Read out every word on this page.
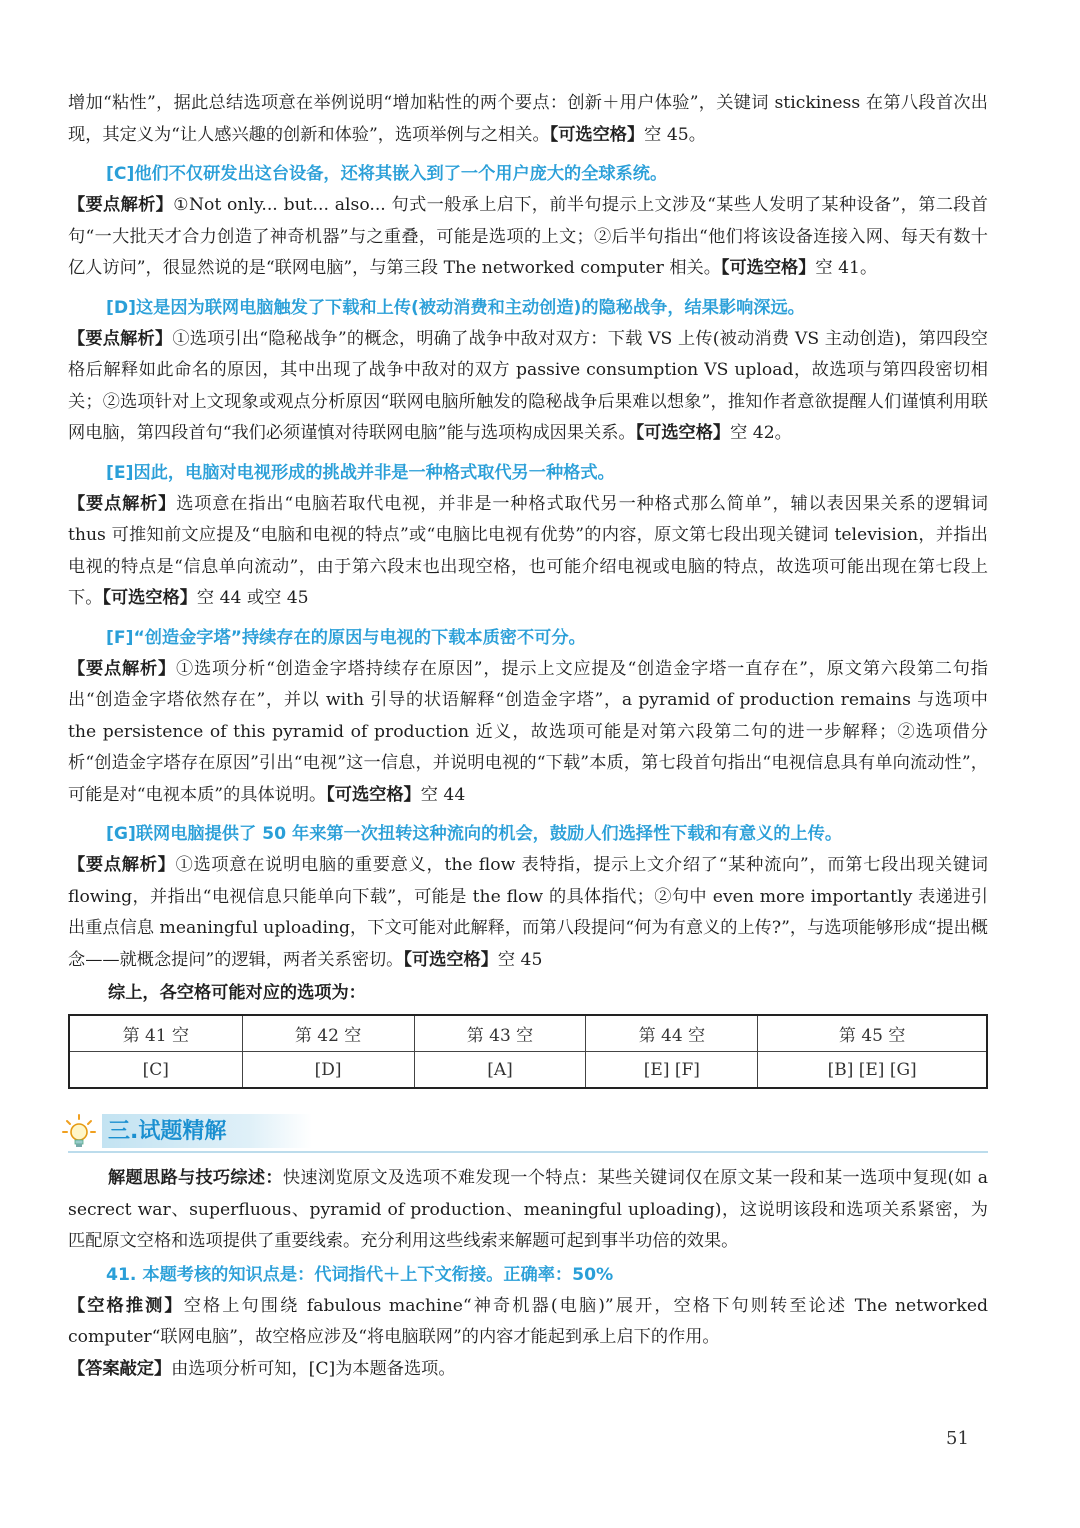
增加“粘性”，据此总结选项意在举例说明“增加粘性的两个要点：创新＋用户体验”，关键词 stickiness 在第八段首次出现，其定义为“让人感兴趣的创新和体验”，选项举例与之相关。【可选空格】空 45。

[C]他们不仅研发出这台设备，还将其嵌入到了一个用户庞大的全球系统。

【要点解析】①Not only... but... also... 句式一般承上启下，前半句提示上文涉及“某些人发明了某种设备”，第二段首句“一大批天才合力创造了神奇机器”与之重叠，可能是选项的上文；②后半句指出“他们将该设备连接入网、每天有数十亿人访问”，很显然说的是“联网电脑”，与第三段 The networked computer 相关。【可选空格】空 41。

[D]这是因为联网电脑触发了下载和上传(被动消费和主动创造)的隐秘战争，结果影响深远。

【要点解析】①选项引出“隐秘战争”的概念，明确了战争中敌对双方：下载 VS 上传(被动消费 VS 主动创造)，第四段空格后解释如此命名的原因，其中出现了战争中敌对的双方 passive consumption VS upload，故选项与第四段密切相关；②选项针对上文现象或观点分析原因“联网电脑所触发的隐秘战争后果难以想象”，推知作者意欲提醒人们谨慎利用联网电脑，第四段首句“我们必须谨慎对待联网电脑”能与选项构成因果关系。【可选空格】空 42。

[E]因此，电脑对电视形成的挑战并非是一种格式取代另一种格式。

【要点解析】选项意在指出“电脑若取代电视，并非是一种格式取代另一种格式那么简单”，辅以表因果关系的逻辑词 thus 可推知前文应提及“电脑和电视的特点”或“电脑比电视有优势”的内容，原文第七段出现关键词 television，并指出电视的特点是“信息单向流动”，由于第六段末也出现空格，也可能介绍电视或电脑的特点，故选项可能出现在第七段上下。【可选空格】空 44 或空 45

[F]“创造金字塔”持续存在的原因与电视的下载本质密不可分。

【要点解析】①选项分析“创造金字塔持续存在原因”，提示上文应提及“创造金字塔一直存在”，原文第六段第二句指出“创造金字塔依然存在”，并以 with 引导的状语解释“创造金字塔”，a pyramid of production remains 与选项中 the persistence of this pyramid of production 近义，故选项可能是对第六段第二句的进一步解释；②选项借分析“创造金字塔存在原因”引出“电视”这一信息，并说明电视的“下载”本质，第七段首句指出“电视信息具有单向流动性”，可能是对“电视本质”的具体说明。【可选空格】空 44

[G]联网电脑提供了 50 年来第一次扭转这种流向的机会，鼓励人们选择性下载和有意义的上传。

【要点解析】①选项意在说明电脑的重要意义，the flow 表特指，提示上文介绍了“某种流向”，而第七段出现关键词 flowing，并指出“电视信息只能单向下载”，可能是 the flow 的具体指代；②句中 even more importantly 表递进引出重点信息 meaningful uploading，下文可能对此解释，而第八段提问“何为有意义的上传?”，与选项能够形成“提出概念——就概念提问”的逻辑，两者关系密切。【可选空格】空 45

综上，各空格可能对应的选项为：

第 41 空	第 42 空	第 43 空	第 44 空	第 45 空
[C]	[D]	[A]	[E] [F]	[B] [E] [G]
三.试题精解

解题思路与技巧综述：快速浏览原文及选项不难发现一个特点：某些关键词仅在原文某一段和某一选项中复现(如 a secrect war、superfluous、pyramid of production、meaningful uploading)，这说明该段和选项关系紧密，为匹配原文空格和选项提供了重要线索。充分利用这些线索来解题可起到事半功倍的效果。

41. 本题考核的知识点是：代词指代＋上下文衔接。正确率：50%

【空格推测】空格上句围绕 fabulous machine“神奇机器(电脑)”展开，空格下句则转至论述 The networked computer“联网电脑”，故空格应涉及“将电脑联网”的内容才能起到承上启下的作用。

【答案敲定】由选项分析可知，[C]为本题备选项。

51
